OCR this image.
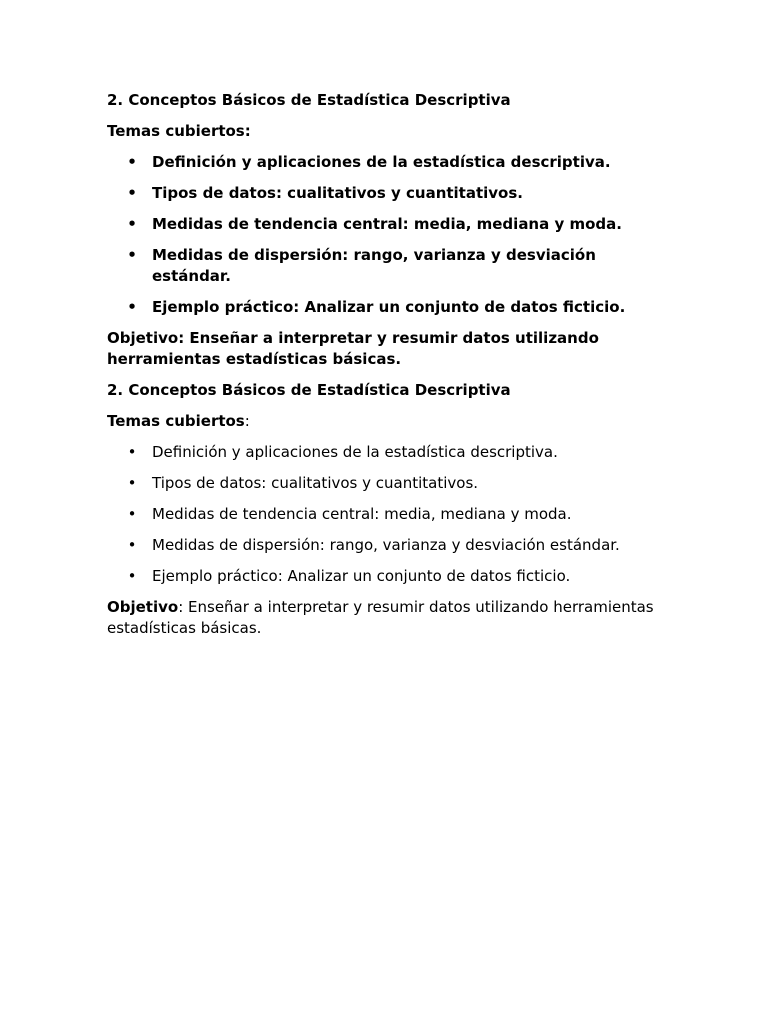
2. Conceptos Básicos de Estadística Descriptiva

Temas cubiertos:

• Definición y aplicaciones de la estadística descriptiva.
• Tipos de datos: cualitativos y cuantitativos.
• Medidas de tendencia central: media, mediana y moda.
• Medidas de dispersión: rango, varianza y desviación estándar.
• Ejemplo práctico: Analizar un conjunto de datos ficticio.

Objetivo: Enseñar a interpretar y resumir datos utilizando herramientas estadísticas básicas.

2. Conceptos Básicos de Estadística Descriptiva

Temas cubiertos:

• Definición y aplicaciones de la estadística descriptiva.
• Tipos de datos: cualitativos y cuantitativos.
• Medidas de tendencia central: media, mediana y moda.
• Medidas de dispersión: rango, varianza y desviación estándar.
• Ejemplo práctico: Analizar un conjunto de datos ficticio.

Objetivo: Enseñar a interpretar y resumir datos utilizando herramientas estadísticas básicas.
